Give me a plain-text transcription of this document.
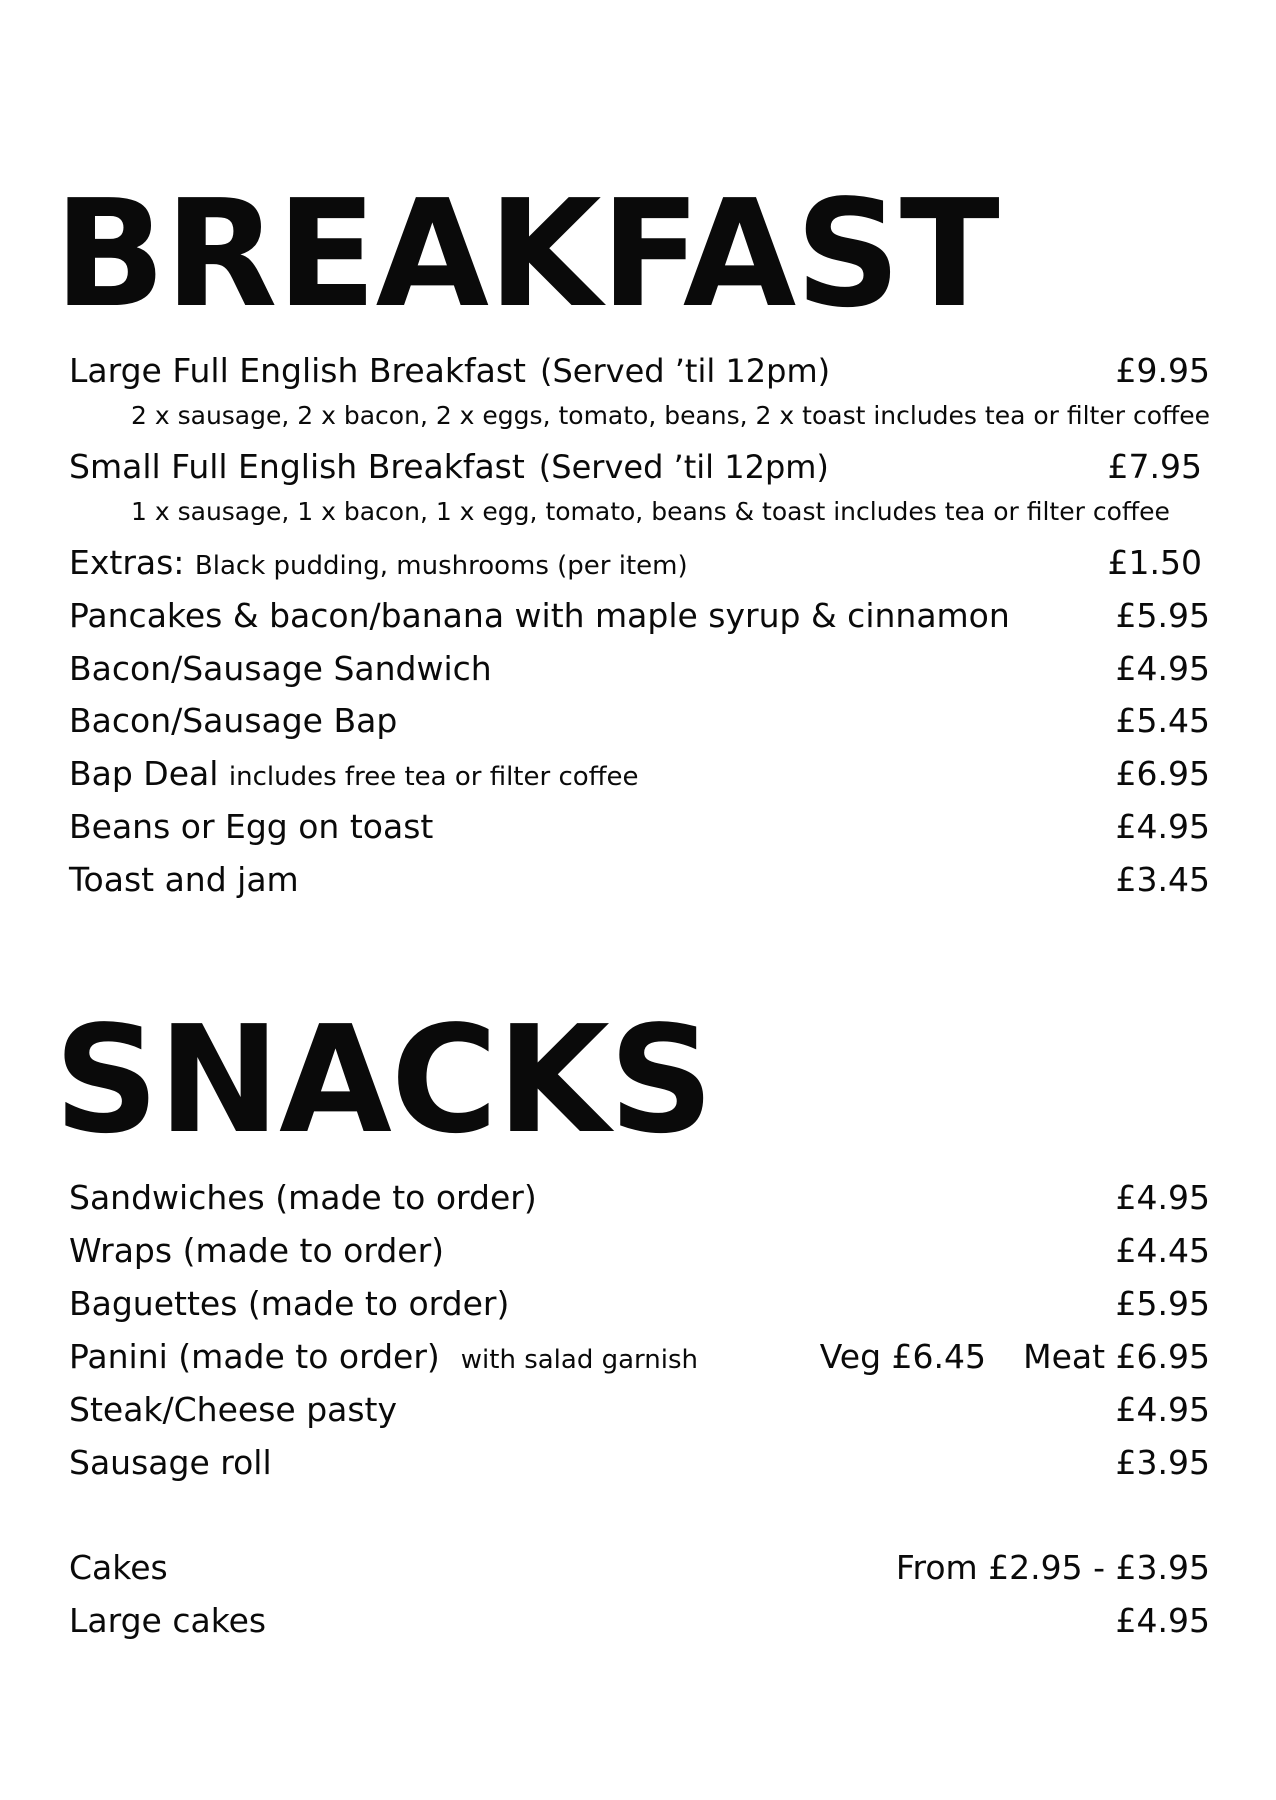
BREAKFAST
Large Full English Breakfast (Served ’til 12pm)	£9.95
2 x sausage, 2 x bacon, 2 x eggs, tomato, beans, 2 x toast includes tea or filter coffee
Small Full English Breakfast (Served ’til 12pm)	£7.95
1 x sausage, 1 x bacon, 1 x egg, tomato, beans & toast includes tea or filter coffee
Extras: Black pudding, mushrooms (per item)	£1.50
Pancakes & bacon/banana with maple syrup & cinnamon	£5.95
Bacon/Sausage Sandwich	£4.95
Bacon/Sausage Bap	£5.45
Bap Deal includes free tea or filter coffee	£6.95
Beans or Egg on toast	£4.95
Toast and jam	£3.45
SNACKS
Sandwiches (made to order)	£4.95
Wraps (made to order)	£4.45
Baguettes (made to order)	£5.95
Panini (made to order) with salad garnish	Veg £6.45 Meat £6.95
Steak/Cheese pasty	£4.95
Sausage roll	£3.95
Cakes	From £2.95 - £3.95
Large cakes	£4.95
